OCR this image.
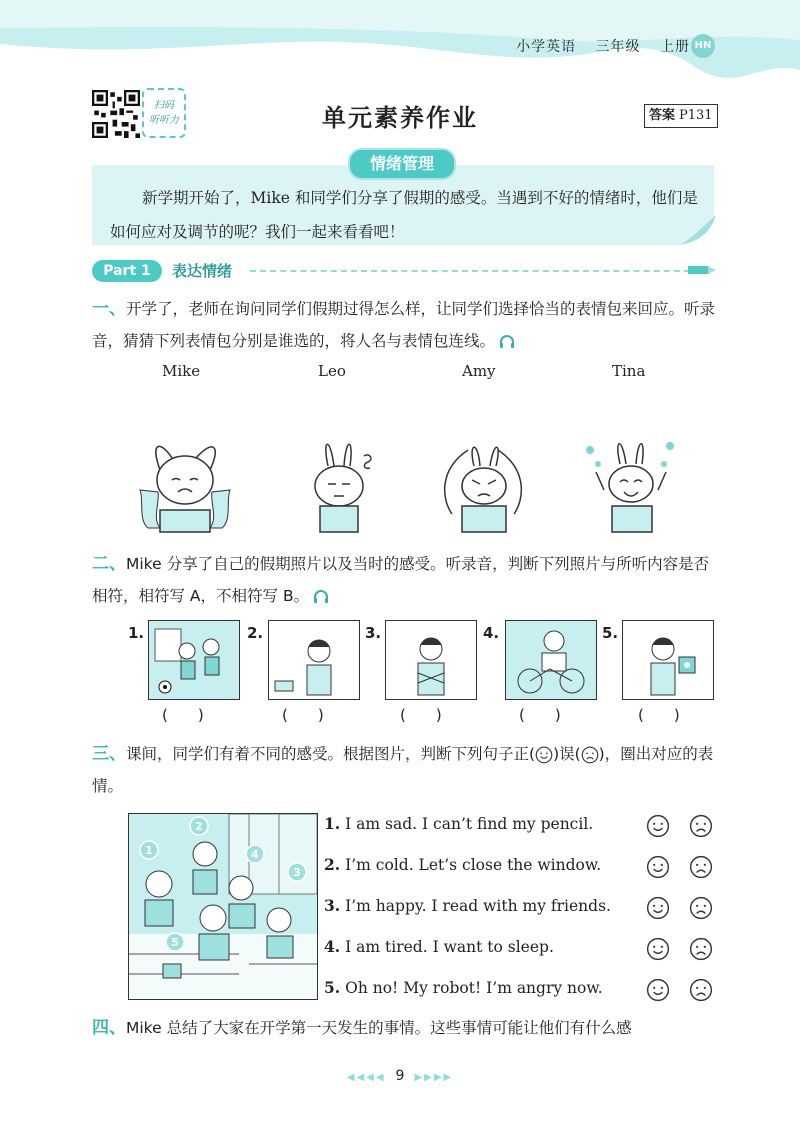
小学英语 三年级 上册 HN
扫码
听听力	单元素养作业	答案 P131
情绪管理
新学期开始了，Mike 和同学们分享了假期的感受。当遇到不好的情绪时，他们是如何应对及调节的呢？我们一起来看看吧！
Part 1	表达情绪
一、开学了，老师在询问同学们假期过得怎么样，让同学们选择恰当的表情包来回应。听录音，猜猜下列表情包分别是谁选的，将人名与表情包连线。
Mike	Leo	Amy	Tina
二、Mike 分享了自己的假期照片以及当时的感受。听录音，判断下列照片与所听内容是否相符，相符写 A，不相符写 B。
1.	2.	3.	4.	5.
(　　)	(　　)	(　　)	(　　)	(　　)
三、课间，同学们有着不同的感受。根据图片，判断下列句子正( )误( )，圈出对应的表情。
1
2
3
4
5
1. I am sad. I can’t find my pencil.
2. I’m cold. Let’s close the window.
3. I’m happy. I read with my friends.
4. I am tired. I want to sleep.
5. Oh no! My robot! I’m angry now.
四、Mike 总结了大家在开学第一天发生的事情。这些事情可能让他们有什么感
◀◀◀◀ 9 ▶▶▶▶
